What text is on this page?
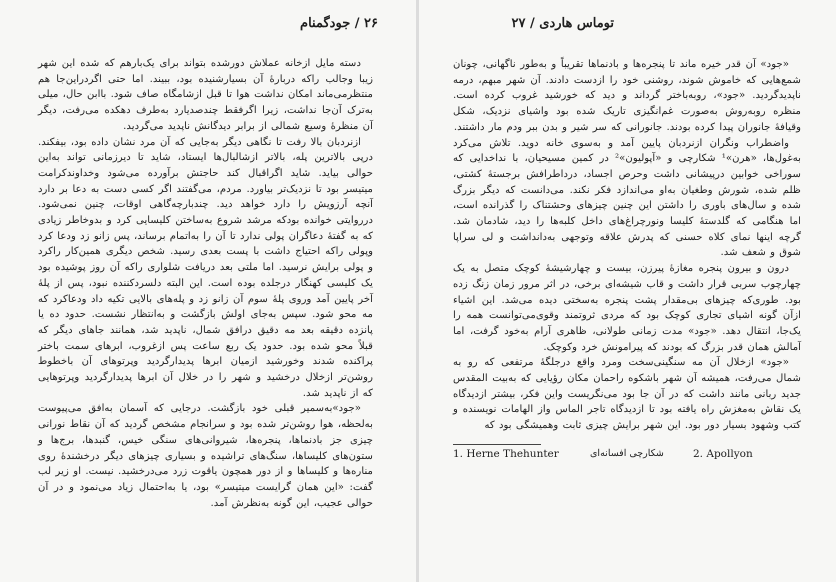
۲۶ / جودگمنام

دسته مایل ازخانه عملاش دورشده بتواند برای یک‌بارهم که شده این شهر زیبا وجالب راکه دربارهٔ آن بسیارشنیده بود، ببیند. اما حتی اگردراین‌جا هم منتظرمی‌ماند امکان نداشت هوا تا قبل ازشامگاه صاف شود. باابن حال، میلی به‌ترک آن‌جا نداشت، زیرا اگرفقط چندصدیارد به‌طرف دهکده می‌رفت، دیگر آن منظرهٔ وسیع شمالی از برابر دیدگانش ناپدید می‌گردید.

ازنردبان بالا رفت تا نگاهی دیگر به‌جایی که آن مرد نشان داده بود، بیفکند. درپی بالاترین پله، بالاتر ازشالبال‌ها ایستاد، شاید تا دیرزمانی تواند به‌این حوالی بیاید. شاید اگراقبال کند حاجتش برآورده می‌شود وخداوندکرامت میتیسر بود تا نزدیک‌تر بیاورد. مردم، می‌گفتند اگر کسی دست به دعا بر دارد آنچه آرزویش را دارد خواهد دید. چندبارچه‌گاهی اوقات، چنین نمی‌شود. درروایتی خوانده بودکه مرشد شروع به‌ساختن کلیسایی کرد و بدوخاطر زیادی که به گفتهٔ دعاگران پولی ندارد تا آن را به‌اتمام برساند، پس زانو زد ودعا کرد وپولی راکه احتیاج داشت با پست بعدی رسید. شخص دیگری همین‌کار راکرد و پولی برایش نرسید. اما ملتی بعد دریافت شلواری راکه آن روز پوشیده بود یک کلیسی کهنگار درجلده بوده است. این البته دلسردکننده نبود، پس از پلهٔ آخر پایین آمد وروی پلهٔ سوم آن زانو زد و پله‌های بالایی تکیه داد ودعاکرد که مه محو شود. سپس به‌جای اولش بازگشت و به‌انتظار نشست. حدود ده یا پانزده دقیقه بعد مه دقیق درافق شمال، ناپدید شد، همانند جاهای دیگر که قبلاً محو شده بود. حدود یک ربع ساعت پس ازغروب، ابرهای سمت باختر پراکنده شدند وخورشید ازمیان ابرها پدیدارگردید وپرتوهای آن باخطوط روشن‌تر ازخلال درخشید و شهر را در خلال آن ابرها پدیدارگردید وپرتوهایی که از ناپدید شد.

«جود»به‌سمیر قبلی خود بازگشت. درجایی که آسمان به‌افق می‌پیوست به‌لحظه، هوا روشن‌تر شده بود و سرانجام مشخص گردید که آن نقاط نورانی چیزی جز بادنماها، پنجره‌ها، شیروانی‌های سنگی خیس، گنبد‌ها، برج‌ها و ستون‌های کلیساها، سنگ‌های تراشیده و بسیاری چیزهای دیگر درخشندهٔ روی مناره‌ها و کلیساها و از دور همچون یاقوت زرد می‌درخشید. نیست. او زیر لب گفت: «این همان گرایست میتیسر» بود، یا به‌احتمال زیاد می‌نمود و در آن حوالی عجیب، این گونه به‌نظرش آمد.

توماس هاردی / ۲۷

«جود» آن قدر خیره ماند تا پنجره‌ها و بادنماها تقریباً و به‌طور ناگهانی، چونان شمع‌هایی که خاموش شوند، روشنی خود را ازدست دادند. آن شهر مبهم، درمه ناپدیدگردید. «جود»، روبه‌باختر گرداند و دید که خورشید غروب کرده است. منظره روبه‌روش به‌صورت غم‌انگیزی تاریک شده بود واشیای نزدیک، شکل وقیافهٔ جانوران پیدا کرده بودند. جانورانی که سر شیر و بدن ببر ودم مار داشتند.

واضطراب ونگران ازنردبان پایین آمد و به‌سوی خانه دوید. تلاش می‌کرد به‌غول‌ها، «هرن»¹ شکارچی و «آپولیون»² در کمین مسیحیان، با نداخدایی که سوراخی خوابین درپیشانی داشت وحرص اجساد، درداطرافش برجستهٔ کشتی، ظلم شده، شورش وطغیان به‌او می‌اندازد فکر نکند. می‌دانست که دیگر بزرگ شده و سال‌های باوری را داشتن این چنین چیزهای وحشتناک را گذرانده است، اما هنگامی که گلدستهٔ کلیسا ونورچراغ‌های داخل کلبه‌ها را دید، شادمان شد. گرچه اینها نمای کلاه حسنی که پدرش علاقه وتوجهی به‌دانداشت و لی سراپا شوق و شعف شد.

درون و بیرون پنجره مغازهٔ پیرزن، بیست و چهارشیشهٔ کوچک متصل به یک چهارچوب سربی قرار داشت و قاب شیشه‌ای برخی، در اثر مرور زمان زنگ زده بود. طوری‌که چیزهای بی‌مقدار پشت پنجره به‌سختی دیده می‌شد. این اشیاء ازآن گونه اشیای تجاری کوچک بود که مردی ثروتمند وقوی‌می‌توانست همه را یک‌جا، انتقال دهد. «جود» مدت زمانی طولانی، ظاهری آرام به‌خود گرفت، اما آمالش همان قدر بزرگ که بودند که پیرامونش خرد وکوچک.

«جود» ازخلال آن مه سنگینی‌سخت ومرد واقع درجلگهٔ مرتفعی که رو به شمال می‌رفت، همیشه آن شهر باشکوه راحمان مکان رؤیایی که به‌بیت المقدس جدید ربانی مانند داشت که در آن جا بود می‌نگریست واین فکر، بیشتر ازدیدگاه یک نقاش به‌مغزش راه یافته بود تا ازدیدگاه تاجر الماس واز الهامات نویسنده و کتب وشهود بسیار دور بود. این شهر برایش چیزی ثابت وهمیشگی بود که

1. Herne Thehunter	شکارچی افسانه‌ای	2. Apollyon
